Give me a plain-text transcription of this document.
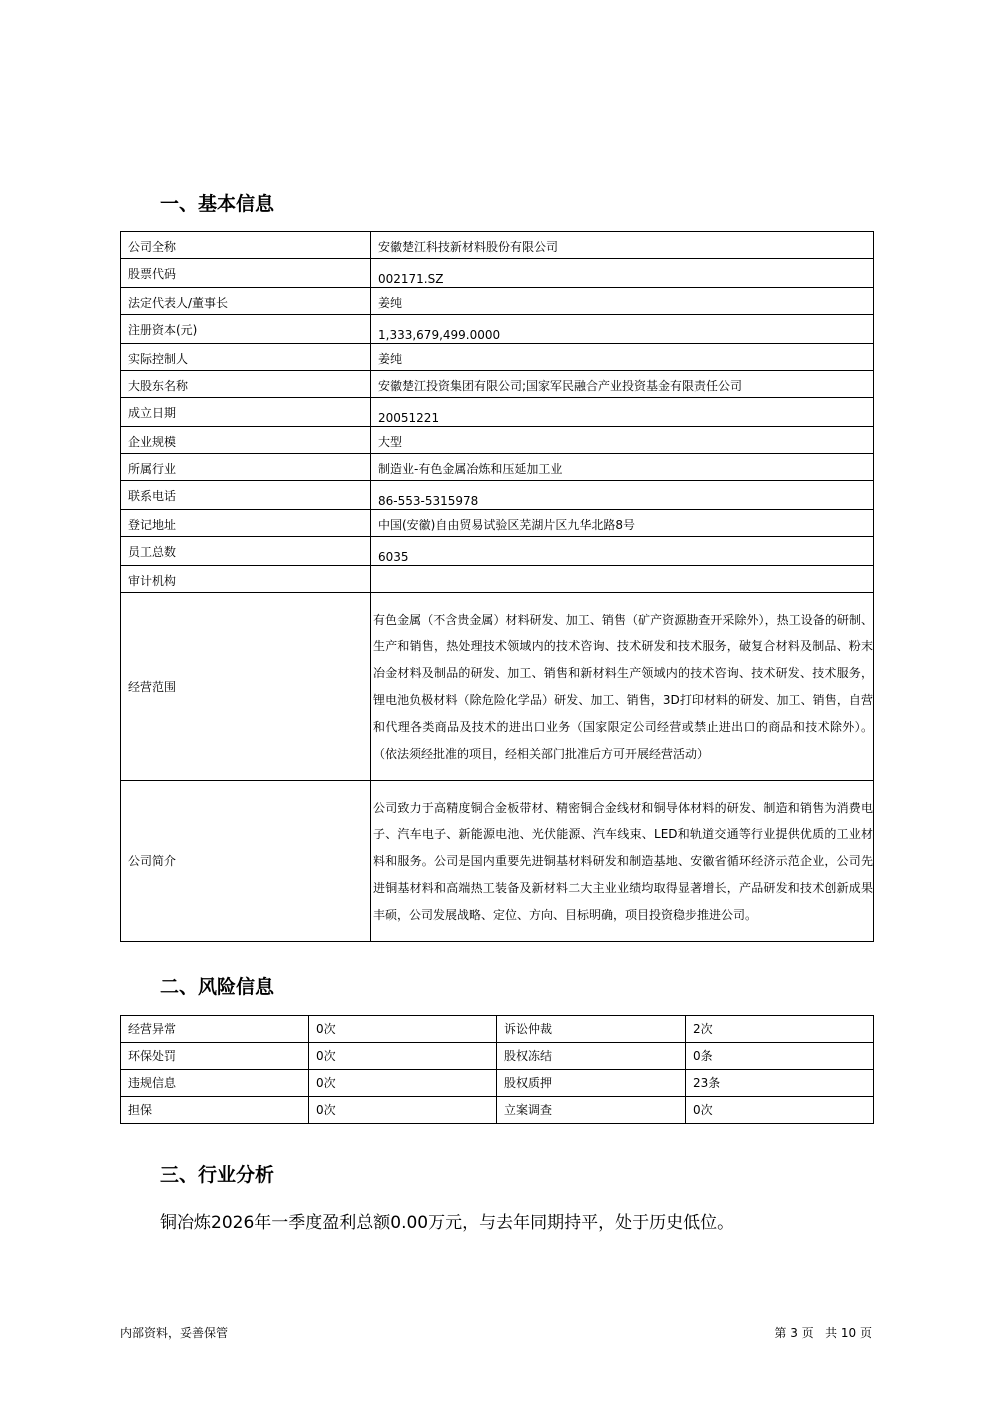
一、基本信息
公司全称	安徽楚江科技新材料股份有限公司
股票代码	002171.SZ
法定代表人/董事长	姜纯
注册资本(元)	1,333,679,499.0000
实际控制人	姜纯
大股东名称	安徽楚江投资集团有限公司;国家军民融合产业投资基金有限责任公司
成立日期	20051221
企业规模	大型
所属行业	制造业-有色金属冶炼和压延加工业
联系电话	86-553-5315978
登记地址	中国(安徽)自由贸易试验区芜湖片区九华北路8号
员工总数	6035
审计机构	
经营范围	有色金属（不含贵金属）材料研发、加工、销售（矿产资源勘查开采除外），热工设备的研制、生产和销售，热处理技术领域内的技术咨询、技术研发和技术服务，破复合材料及制品、粉末冶金材料及制品的研发、加工、销售和新材料生产领域内的技术咨询、技术研发、技术服务，锂电池负极材料（除危险化学品）研发、加工、销售，3D打印材料的研发、加工、销售，自营和代理各类商品及技术的进出口业务（国家限定公司经营或禁止进出口的商品和技术除外）。（依法须经批准的项目，经相关部门批准后方可开展经营活动）
公司简介	公司致力于高精度铜合金板带材、精密铜合金线材和铜导体材料的研发、制造和销售为消费电子、汽车电子、新能源电池、光伏能源、汽车线束、LED和轨道交通等行业提供优质的工业材料和服务。公司是国内重要先进铜基材料研发和制造基地、安徽省循环经济示范企业，公司先进铜基材料和高端热工装备及新材料二大主业业绩均取得显著增长，产品研发和技术创新成果丰硕，公司发展战略、定位、方向、目标明确，项目投资稳步推进公司。
二、风险信息
经营异常	0次	诉讼仲裁	2次
环保处罚	0次	股权冻结	0条
违规信息	0次	股权质押	23条
担保	0次	立案调查	0次
三、行业分析

铜冶炼2026年一季度盈利总额0.00万元，与去年同期持平，处于历史低位。

内部资料，妥善保管	第 3 页   共 10 页
